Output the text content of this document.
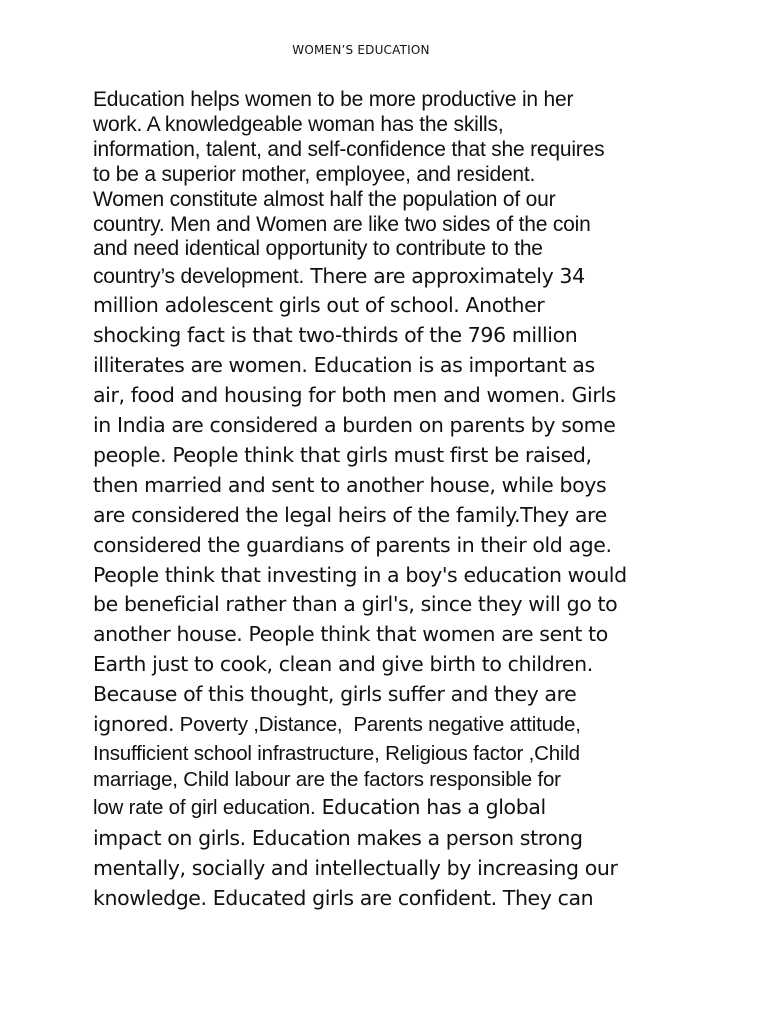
WOMEN’S EDUCATION
Education helps women to be more productive in her
work. A knowledgeable woman has the skills,
information, talent, and self-confidence that she requires
to be a superior mother, employee, and resident.
Women constitute almost half the population of our
country. Men and Women are like two sides of the coin
and need identical opportunity to contribute to the
country’s development. There are approximately 34
million adolescent girls out of school. Another
shocking fact is that two-thirds of the 796 million
illiterates are women. Education is as important as
air, food and housing for both men and women. Girls
in India are considered a burden on parents by some
people. People think that girls must first be raised,
then married and sent to another house, while boys
are considered the legal heirs of the family.They are
considered the guardians of parents in their old age.
People think that investing in a boy's education would
be beneficial rather than a girl's, since they will go to
another house. People think that women are sent to
Earth just to cook, clean and give birth to children.
Because of this thought, girls suffer and they are
ignored. Poverty ,Distance,  Parents negative attitude,
Insufficient school infrastructure, Religious factor ,Child
marriage, Child labour are the factors responsible for
low rate of girl education. Education has a global
impact on girls. Education makes a person strong
mentally, socially and intellectually by increasing our
knowledge. Educated girls are confident. They can
